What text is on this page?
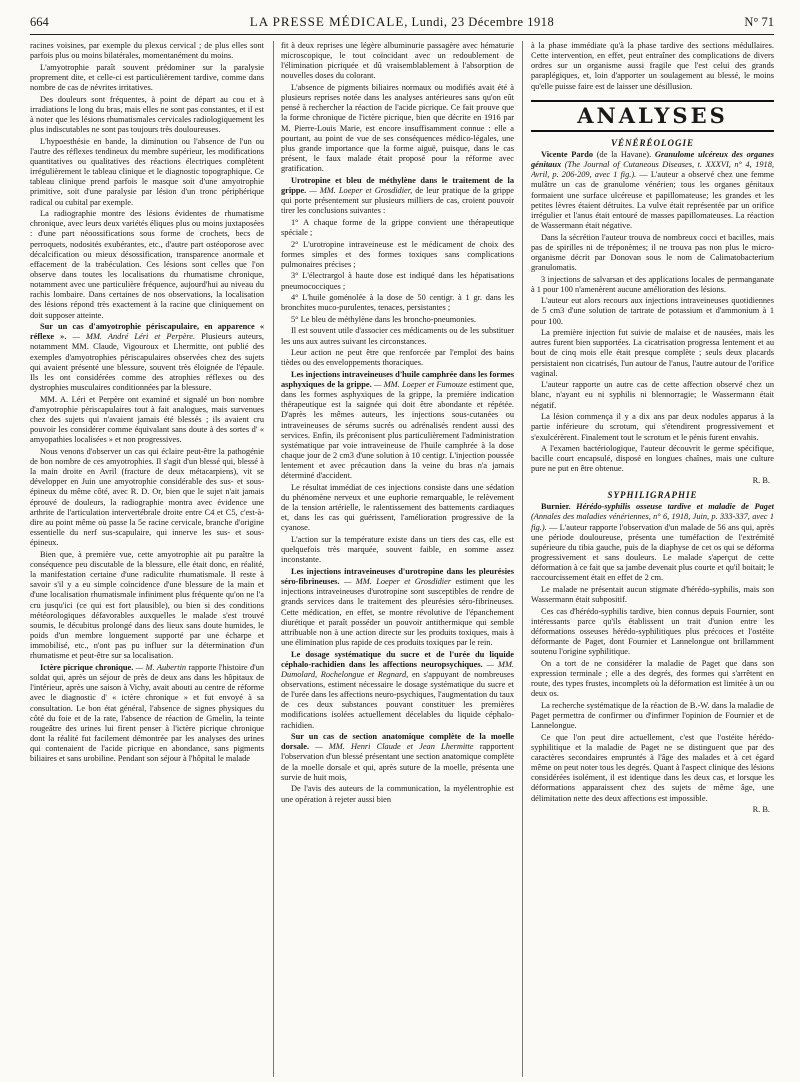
664	LA PRESSE MÉDICALE, Lundi, 23 Décembre 1918	N° 71

racines voisines, par exemple du plexus cervical ; de plus elles sont parfois plus ou moins bilatérales, momentanément du moins.

L'amyotrophie paraît souvent prédominer sur la paralysie proprement dite, et celle-ci est particulièrement tardive, comme dans nombre de cas de névrites irritatives.

Des douleurs sont fréquentes, à point de départ au cou et à irradiations le long du bras, mais elles ne sont pas constantes, et il est à noter que les lésions rhumatismales cervicales radiologiquement les plus indiscutables ne sont pas toujours très douloureuses.

L'hypoesthésie en bande, la diminution ou l'absence de l'un ou l'autre des réflexes tendineux du membre supérieur, les modifications quantitatives ou qualitatives des réactions électriques complètent irrégulièrement le tableau clinique et le diagnostic topographique. Ce tableau clinique prend parfois le masque soit d'une amyotrophie primitive, soit d'une paralysie par lésion d'un tronc périphérique radical ou cubital par exemple.

La radiographie montre des lésions évidentes de rhumatisme chronique, avec leurs deux variétés éliques plus ou moins juxtaposées : d'une part néoossifications sous forme de crochets, becs de perroquets, nodosités exubérantes, etc., d'autre part ostéoporose avec décalcification ou mieux désossification, transparence anormale et effacement de la trabéculation. Ces lésions sont celles que l'on observe dans toutes les localisations du rhumatisme chronique, notamment avec une particulière fréquence, aujourd'hui au niveau du rachis lombaire. Dans certaines de nos observations, la localisation des lésions répond très exactement à la racine que cliniquement on doit supposer atteinte.

Sur un cas d'amyotrophie périscapulaire, en apparence « réflexe ». — MM. André Léri et Perpère. Plusieurs auteurs, notamment MM. Claude, Vigouroux et Lhermitte, ont publié des exemples d'amyotrophies périscapulaires observées chez des sujets qui avaient présenté une blessure, souvent très éloignée de l'épaule. Ils les ont considérées comme des atrophies réflexes ou des dystrophies musculaires conditionnées par la blessure.

MM. A. Léri et Perpère ont examiné et signalé un bon nombre d'amyotrophie périscapulaires tout à fait analogues, mais survenues chez des sujets qui n'avaient jamais été blessés ; ils avaient cru pouvoir les considérer comme équivalant sans doute à des sortes d' « amyopathies localisées » et non progressives.

Nous venons d'observer un cas qui éclaire peut-être la pathogénie de bon nombre de ces amyotrophies. Il s'agit d'un blessé qui, blessé à la main droite en Avril (fracture de deux métacarpiens), vit se développer en Juin une amyotrophie considérable des sus- et sous-épineux du même côté, avec R. D. Or, bien que le sujet n'ait jamais éprouvé de douleurs, la radiographie montra avec évidence une arthrite de l'articulation intervertébrale droite entre C4 et C5, c'est-à-dire au point même où passe la 5e racine cervicale, branche d'origine essentielle du nerf sus-scapulaire, qui innerve les sus- et sous-épineux.

Bien que, à première vue, cette amyotrophie ait pu paraître la conséquence peu discutable de la blessure, elle était donc, en réalité, la manifestation certaine d'une radiculite rhumatismale. Il reste à savoir s'il y a eu simple coïncidence d'une blessure de la main et d'une localisation rhumatismale infiniment plus fréquente qu'on ne l'a cru jusqu'ici (ce qui est fort plausible), ou bien si des conditions météorologiques défavorables auxquelles le malade s'est trouvé soumis, le décubitus prolongé dans des lieux sans doute humides, le poids d'un membre longuement supporté par une écharpe et immobilisé, etc., n'ont pas pu influer sur la détermination d'un rhumatisme et peut-être sur sa localisation.

Ictère picrique chronique. — M. Aubertin rapporte l'histoire d'un soldat qui, après un séjour de près de deux ans dans les hôpitaux de l'intérieur, après une saison à Vichy, avait abouti au centre de réforme avec le diagnostic d' « ictère chronique » et fut envoyé à sa consultation. Le bon état général, l'absence de signes physiques du côté du foie et de la rate, l'absence de réaction de Gmelin, la teinte rougeâtre des urines lui firent penser à l'ictère picrique chronique dont la réalité fut facilement démontrée par les analyses des urines qui contenaient de l'acide picrique en abondance, sans pigments biliaires et sans urobiline. Pendant son séjour à l'hôpital le malade

fit à deux reprises une légère albuminurie passagère avec hématurie microscopique, le tout coïncidant avec un redoublement de l'élimination picriquée et dû vraisemblablement à l'absorption de nouvelles doses du colorant.

L'absence de pigments biliaires normaux ou modifiés avait été à plusieurs reprises notée dans les analyses antérieures sans qu'on eût pensé à rechercher la réaction de l'acide picrique. Ce fait prouve que la forme chronique de l'ictère picrique, bien que décrite en 1916 par M. Pierre-Louis Marie, est encore insuffisamment connue : elle a pourtant, au point de vue de ses conséquences médico-légales, une plus grande importance que la forme aiguë, puisque, dans le cas présent, le faux malade était proposé pour la réforme avec gratification.

Urotropine et bleu de méthylène dans le traitement de la grippe. — MM. Loeper et Grosdidier, de leur pratique de la grippe qui porte présentement sur plusieurs milliers de cas, croient pouvoir tirer les conclusions suivantes :

1° A chaque forme de la grippe convient une thérapeutique spéciale ;

2° L'urotropine intraveineuse est le médicament de choix des formes simples et des formes toxiques sans complications pulmonaires précises ;

3° L'électrargol à haute dose est indiqué dans les hépatisations pneumococciques ;

4° L'huile goménolée à la dose de 50 centigr. à 1 gr. dans les bronchites muco-purulentes, tenaces, persistantes ;

5° Le bleu de méthylène dans les broncho-pneumonies.

Il est souvent utile d'associer ces médicaments ou de les substituer les uns aux autres suivant les circonstances.

Leur action ne peut être que renforcée par l'emploi des bains tièdes ou des enveloppements thoraciques.

Les injections intraveineuses d'huile camphrée dans les formes asphyxiques de la grippe. — MM. Loeper et Fumouze estiment que, dans les formes asphyxiques de la grippe, la première indication thérapeutique est la saignée qui doit être abondante et répétée. D'après les mêmes auteurs, les injections sous-cutanées ou intraveineuses de sérums sucrés ou adrénalisés rendent aussi des services. Enfin, ils préconisent plus particulièrement l'administration systématique par voie intraveineuse de l'huile camphrée à la dose chaque jour de 2 cm3 d'une solution à 10 centigr. L'injection poussée lentement et avec précaution dans la veine du bras n'a jamais déterminé d'accident.

Le résultat immédiat de ces injections consiste dans une sédation du phénomène nerveux et une euphorie remarquable, le relèvement de la tension artérielle, le ralentissement des battements cardiaques et, dans les cas qui guérissent, l'amélioration progressive de la cyanose.

L'action sur la température existe dans un tiers des cas, elle est quelquefois très marquée, souvent faible, en somme assez inconstante.

Les injections intraveineuses d'urotropine dans les pleurésies séro-fibrineuses. — MM. Loeper et Grosdidier estiment que les injections intraveineuses d'urotropine sont susceptibles de rendre de grands services dans le traitement des pleurésies séro-fibrineuses. Cette médication, en effet, se montre révolutive de l'épanchement diurétique et paraît posséder un pouvoir antithermique qui semble attribuable non à une action directe sur les produits toxiques, mais à une élimination plus rapide de ces produits toxiques par le rein.

Le dosage systématique du sucre et de l'urée du liquide céphalo-rachidien dans les affections neuropsychiques. — MM. Dumolard, Rochelongue et Regnard, en s'appuyant de nombreuses observations, estiment nécessaire le dosage systématique du sucre et de l'urée dans les affections neuro-psychiques, l'augmentation du taux de ces deux substances pouvant constituer les premières modifications isolées actuellement décelables du liquide céphalo-rachidien.

Sur un cas de section anatomique complète de la moelle dorsale. — MM. Henri Claude et Jean Lhermitte rapportent l'observation d'un blessé présentant une section anatomique complète de la moelle dorsale et qui, après suture de la moelle, présenta une survie de huit mois,

De l'avis des auteurs de la communication, la myélentrophie est une opération à rejeter aussi bien

à la phase immédiate qu'à la phase tardive des sections médullaires. Cette intervention, en effet, peut entraîner des complications de divers ordres sur un organisme aussi fragile que l'est celui des grands paraplégiques, et, loin d'apporter un soulagement au blessé, le moins qu'elle puisse faire est de laisser une désillusion.

ANALYSES
VÉNÉRÉOLOGIE

Vicente Pardo (de la Havane). Granulome ulcéreux des organes génitaux (The Journal of Cutaneous Diseases, t. XXXVI, n° 4, 1918, Avril, p. 206-209, avec 1 fig.). — L'auteur a observé chez une femme mulâtre un cas de granulome vénérien; tous les organes génitaux formaient une surface ulcéreuse et papillomateuse; les grandes et les petites lèvres étaient détruites. La vulve était représentée par un orifice irrégulier et l'anus était entouré de masses papillomateuses. La réaction de Wassermann était négative.

Dans la sécrétion l'auteur trouva de nombreux cocci et bacilles, mais pas de spirilles ni de tréponèmes; il ne trouva pas non plus le micro-organisme décrit par Donovan sous le nom de Calimatobacterium granulomatis.

3 injections de salvarsan et des applications locales de permanganate à 1 pour 100 n'amenèrent aucune amélioration des lésions.

L'auteur eut alors recours aux injections intraveineuses quotidiennes de 5 cm3 d'une solution de tartrate de potassium et d'ammonium à 1 pour 100.

La première injection fut suivie de malaise et de nausées, mais les autres furent bien supportées. La cicatrisation progressa lentement et au bout de cinq mois elle était presque complète ; seuls deux placards persistaient non cicatrisés, l'un autour de l'anus, l'autre autour de l'orifice vaginal.

L'auteur rapporte un autre cas de cette affection observé chez un blanc, n'ayant eu ni syphilis ni blennorragie; le Wassermann était négatif.

La lésion commença il y a dix ans par deux nodules apparus à la partie inférieure du scrotum, qui s'étendirent progressivement et s'exulcérèrent. Finalement tout le scrotum et le pénis furent envahis.

A l'examen bactériologique, l'auteur découvrit le germe spécifique, bacille court encapsulé, disposé en longues chaînes, mais une culture pure ne put en être obtenue.

R. B.
SYPHILIGRAPHIE

Burnier. Hérédo-syphilis osseuse tardive et maladie de Paget (Annales des maladies vénériennes, n° 6, 1918, Juin, p. 333-337, avec 1 fig.). — L'auteur rapporte l'observation d'un malade de 56 ans qui, après une période douloureuse, présenta une tuméfaction de l'extrémité supérieure du tibia gauche, puis de la diaphyse de cet os qui se déforma progressivement et sans douleurs. Le malade s'aperçut de cette déformation à ce fait que sa jambe devenait plus courte et qu'il boitait; le raccourcissement était en effet de 2 cm.

Le malade ne présentait aucun stigmate d'hérédo-syphilis, mais son Wassermann était subpositif.

Ces cas d'hérédo-syphilis tardive, bien connus depuis Fournier, sont intéressants parce qu'ils établissent un trait d'union entre les déformations osseuses hérédo-syphilitiques plus précoces et l'ostéite déformante de Paget, dont Fournier et Lannelongue ont brillamment soutenu l'origine syphilitique.

On a tort de ne considérer la maladie de Paget que dans son expression terminale ; elle a des degrés, des formes qui s'arrêtent en route, des types frustes, incomplets où la déformation est limitée à un ou deux os.

La recherche systématique de la réaction de B.-W. dans la maladie de Paget permettra de confirmer ou d'infirmer l'opinion de Fournier et de Lannelongue.

Ce que l'on peut dire actuellement, c'est que l'ostéite hérédo-syphilitique et la maladie de Paget ne se distinguent que par des caractères secondaires empruntés à l'âge des malades et à cet égard même on peut noter tous les degrés. Quant à l'aspect clinique des lésions considérées isolément, il est identique dans les deux cas, et lorsque les déformations apparaissent chez des sujets de même âge, une délimitation nette des deux affections est impossible.

R. B.
